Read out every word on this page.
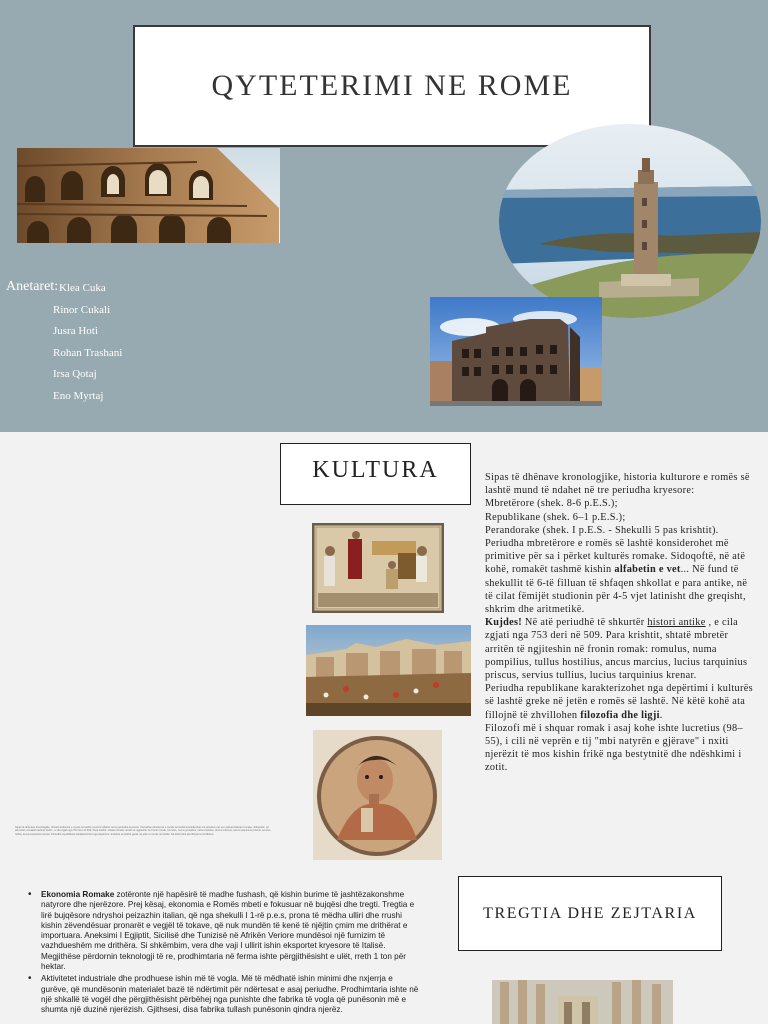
QYTETERIMI NE ROME
Anetaret: Klea Cuka
Rinor Cukali
Jusra Hoti
Rohan Trashani
Irsa Qotaj
Eno Myrtaj
KULTURA	Sipas të dhënave kronologjike, historia kulturore e romës së lashtë mund të ndahet në tre periudha kryesore:

Mbretërore (shek. 8-6 p.E.S.);

Republikane (shek. 6–1 p.E.S.);

Perandorake (shek. I p.E.S. - Shekulli 5 pas krishtit).

Periudha mbretërore e romës së lashtë konsiderohet më primitive për sa i përket kulturës romake. Sidoqoftë, në atë kohë, romakët tashmë kishin alfabetin e vet... Në fund të shekullit të 6-të filluan të shfaqen shkollat e para antike, në të cilat fëmijët studionin për 4-5 vjet latinisht dhe greqisht, shkrim dhe aritmetikë.

Kujdes! Në atë periudhë të shkurtër histori antike , e cila zgjati nga 753 deri në 509. Para krishtit, shtatë mbretër arritën të ngjiteshin në fronin romak: romulus, numa pompilius, tullus hostilius, ancus marcius, lucius tarquinius priscus, servius tullius, lucius tarquinius krenar.

Periudha republikane karakterizohet nga depërtimi i kulturës së lashtë greke në jetën e romës së lashtë. Në këtë kohë ata fillojnë të zhvillohen filozofia dhe ligji.

Filozofi më i shquar romak i asaj kohe ishte lucretius (98–55), i cili në veprën e tij "mbi natyrën e gjërave" i nxiti njerëzit të mos kishin frikë nga bestytnitë dhe ndëshkimi i zotit.

Sipas të dhënave kronologjike, historia kulturore e romës së lashtë mund të ndahet në tre periudha kryesore: Periudha mbretërore e romës së lashtë konsiderohet më primitive për sa i përket kulturës romake. Sidoqoftë, në atë kohë, romakët tashmë kishin , e cila zgjati nga 753 deri në 509. Para krishtit, shtatë mbretër arritën të ngjiteshin në fronin romak: romulus, numa pompilius, tullus hostilius, ancus marcius, lucius tarquinius priscus, servius tullius, lucius tarquinius krenar. Periudha republikane karakterizohet nga depërtimi i kulturës së lashtë greke në jetën e romës së lashtë. Në këtë kohë ata fillojnë të zhvillohen
• Ekonomia Romake zotëronte një hapësirë të madhe fushash, që kishin burime të jashtëzakonshme natyrore dhe njerëzore. Prej kësaj, ekonomia e Romës mbeti e fokusuar në bujqësi dhe tregti. Tregtia e lirë bujqësore ndryshoi peizazhin italian, që nga shekulli I 1-rë p.e.s, prona të mëdha ulliri dhe rrushi kishin zëvendësuar pronarët e vegjël të tokave, që nuk mundën të kenë të njëjtin çmim me drithërat e importuara. Aneksimi I Egjiptit, Sicilisë dhe Tunizisë në Afrikën Veriore mundësoi një furnizim të vazhdueshëm me drithëra. Si shkëmbim, vera dhe vaji I ullirit ishin eksportet kryesore të Italisë. Megjithëse përdornin teknologji të re, prodhimtaria në ferma ishte përgjithësisht e ulët, rreth 1 ton për hektar.
• Aktivitetet industriale dhe prodhuese ishin më të vogla. Më të mëdhatë ishin minimi dhe nxjerrja e gurëve, që mundësonin materialet bazë të ndërtimit për ndërtesat e asaj periudhe. Prodhimtaria ishte në një shkallë të vogël dhe përgjithësisht përbëhej nga punishte dhe fabrika të vogla që punësonin më e shumta një duzinë njerëzish. Gjithsesi, disa fabrika tullash punësonin qindra njerëz.
TREGTIA DHE ZEJTARIA
